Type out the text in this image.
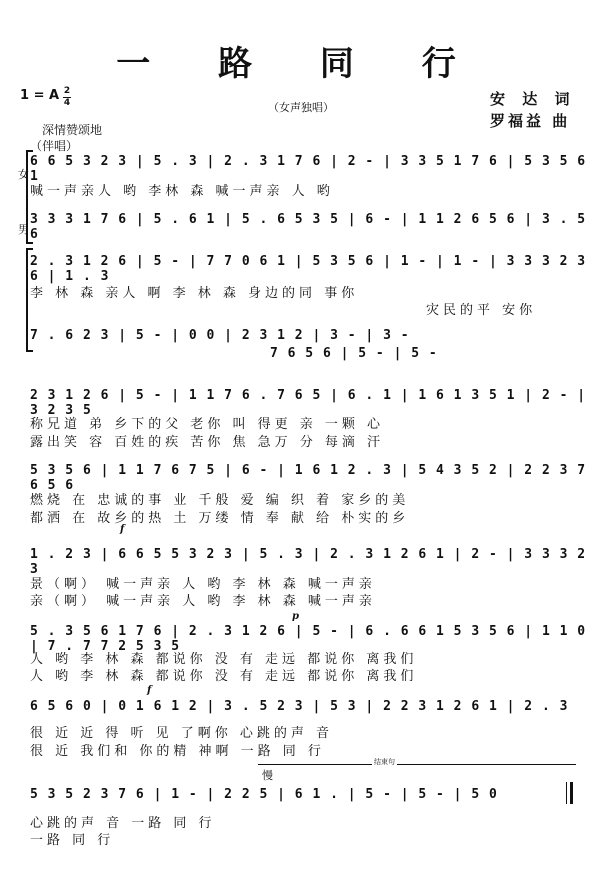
一 路 同 行
1 = A 2
4	（女声独唱）	安 达 词
罗福益 曲
深情赞颂地
（伴唱）
女
男
6 6 5 3 2 3 | 5 . 3 | 2 . 3 1 7 6 | 2 - | 3 3 5 1 7 6 | 5 3 5 6 1
喊一声亲人 哟 李林 森 喊一声亲 人 哟
3 3 3 1 7 6 | 5 . 6 1 | 5 . 6 5 3 5 | 6 - | 1 1 2 6 5 6 | 3 . 5 6
2 . 3 1 2 6 | 5 - | 7 7 0 6 1 | 5 3 5 6 | 1 - | 1 - | 3 3 3 2 3 6 | 1 . 3
李 林 森 亲人 啊 李 林 森 身边的同 事你
灾民的平 安你
7 . 6 2 3 | 5 - | 0 0 | 2 3 1 2 | 3 - | 3 -
7 6 5 6 | 5 - | 5 -
2 3 1 2 6 | 5 - | 1 1 7 6 . 7 6 5 | 6 . 1 | 1 6 1 3 5 1 | 2 - | 3 2 3 5
称兄道 弟 乡下的父 老你 叫 得更 亲 一颗 心
露出笑 容 百姓的疾 苦你 焦 急万 分 每滴 汗
5 3 5 6 | 1 1 7 6 7 5 | 6 - | 1 6 1 2 . 3 | 5 4 3 5 2 | 2 2 3 7 6 5 6
燃烧 在 忠诚的事 业 千般 爱 编 织 着 家乡的美
都洒 在 故乡的热 土 万缕 情 奉 献 给 朴实的乡
f
1 . 2 3 | 6 6 5 5 3 2 3 | 5 . 3 | 2 . 3 1 2 6 1 | 2 - | 3 3 3 2 3
景（啊） 喊一声亲 人 哟 李 林 森 喊一声亲
亲（啊） 喊一声亲 人 哟 李 林 森 喊一声亲
p
5 . 3 5 6 1 7 6 | 2 . 3 1 2 6 | 5 - | 6 . 6 6 1 5 3 5 6 | 1 1 0 | 7 . 7 7 2 5 3 5
人 哟 李 林 森 都说你 没 有 走远 都说你 离我们
人 哟 李 林 森 都说你 没 有 走远 都说你 离我们
f
6 5 6 0 | 0 1 6 1 2 | 3 . 5 2 3 | 5 3 | 2 2 3 1 2 6 1 | 2 . 3
很 近 近 得 听 见 了啊你 心跳的声 音
很 近 我们和 你的精 神啊 一路 同 行
结束句
慢
5 3 5 2 3 7 6 | 1 - | 2 2 5 | 6 1 . | 5 - | 5 - | 5 0
心跳的声 音 一路 同 行
一路 同 行
